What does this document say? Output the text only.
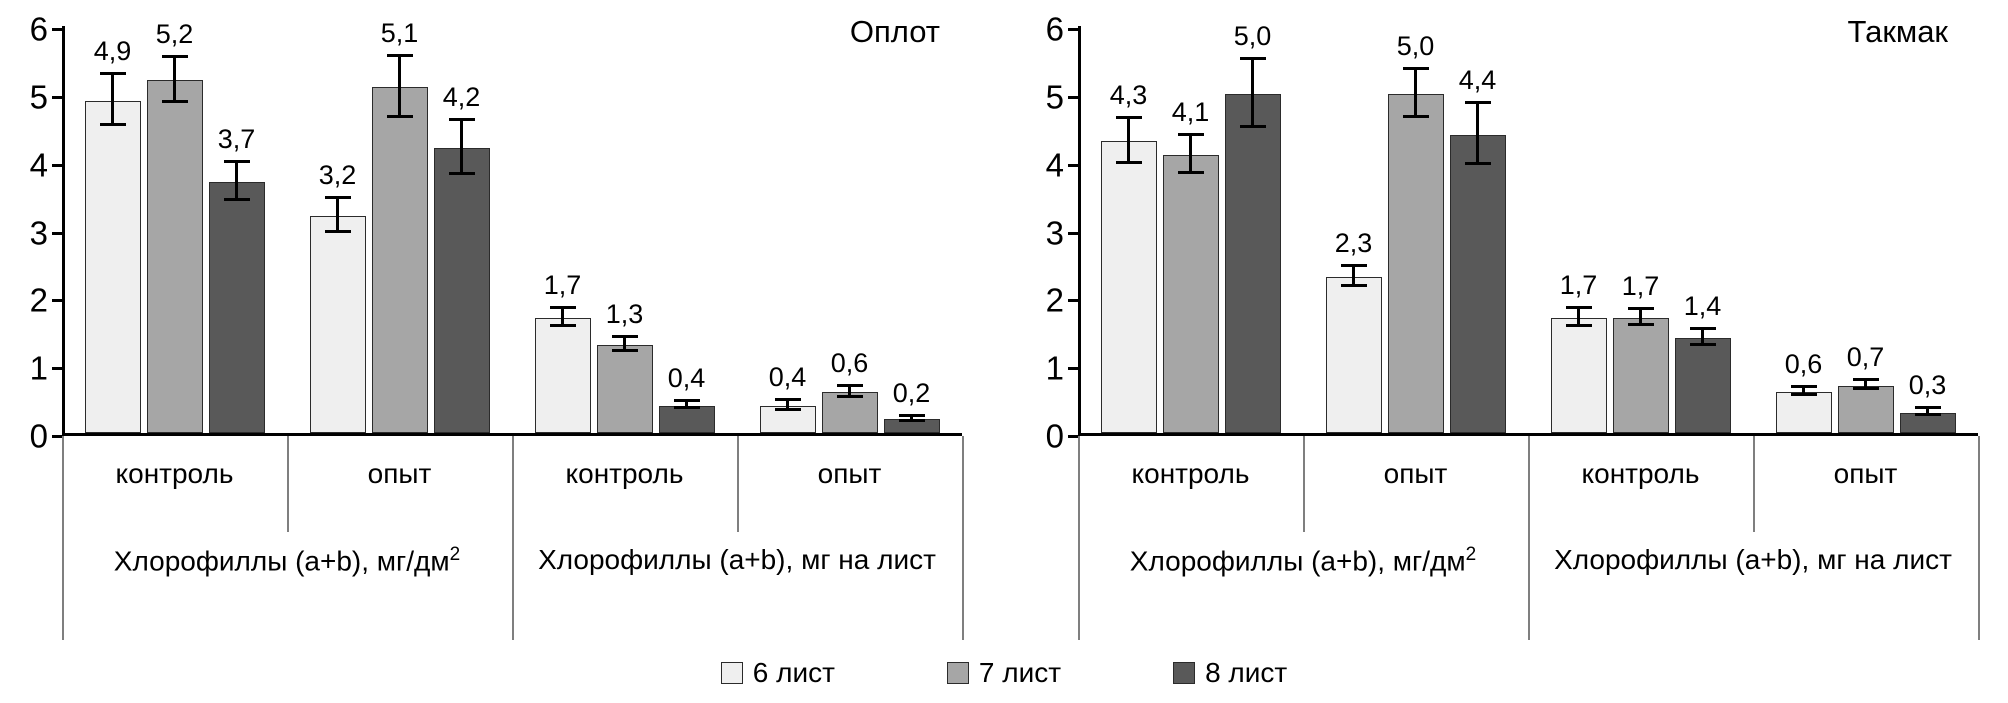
Оплот
0
1
2
3
4
5
6
4,9
5,2
3,7
3,2
5,1
4,2
1,7
1,3
0,4 0,4 0,6
0,2
контроль	опыт	контроль	опыт
Хлорофиллы (а+b), $мг/дм^2$	Хлорофиллы (а+b), мг на лист
Такмак
0
1
2
3
4
5
6
4,3
4,1
5,0
2,3
5,0
4,4
1,7 1,7
1,4
0,6 0,7
0,3
контроль	опыт	контроль	опыт
Хлорофиллы (а+b), $мг/дм^2$	Хлорофиллы (а+b), мг на лист
6 лист	7 лист	8 лист
